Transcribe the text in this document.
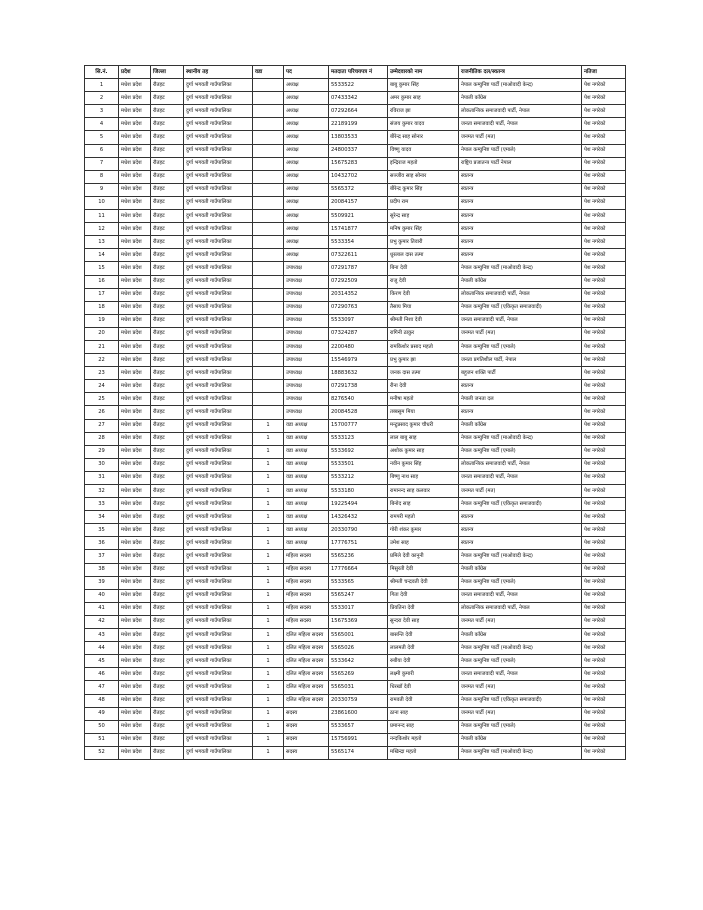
सि.नं.	प्रदेश	जिल्ला	स्थानीय तह	वडा	पद	मतदाता परिचयपत्र नं	उम्मेदवारको नाम	राजनीतिक दल/स्वतन्त्र	नतिजा
1	मधेश प्रदेश	रौतहट	दुर्गा भगवती गाउँपालिका		अध्यक्ष	5533522	बाबु कुमार सिंह	नेपाल कम्युनिष्ट पार्टी (माओवादी केन्द्र)	पेश नगरेको
2	मधेश प्रदेश	रौतहट	दुर्गा भगवती गाउँपालिका		अध्यक्ष	07433342	अमर कुमार साह	नेपाली काँग्रेस	पेश नगरेको
3	मधेश प्रदेश	रौतहट	दुर्गा भगवती गाउँपालिका		अध्यक्ष	07292664	रविराज झा	लोकतान्त्रिक समाजवादी पार्टी, नेपाल	पेश नगरेको
4	मधेश प्रदेश	रौतहट	दुर्गा भगवती गाउँपालिका		अध्यक्ष	22189199	संजय कुमार यादव	जनता समाजवादी पार्टी, नेपाल	पेश नगरेको
5	मधेश प्रदेश	रौतहट	दुर्गा भगवती गाउँपालिका		अध्यक्ष	13803533	बीरेन्द्र साह सोनार	जनमत पार्टी (मत)	पेश नगरेको
6	मधेश प्रदेश	रौतहट	दुर्गा भगवती गाउँपालिका		अध्यक्ष	24800337	विष्णु यादव	नेपाल कम्युनिष्ट पार्टी (एमाले)	पेश नगरेको
7	मधेश प्रदेश	रौतहट	दुर्गा भगवती गाउँपालिका		अध्यक्ष	15675283	इन्द्रिराज महतो	राष्ट्रिय प्रजातन्त्र पार्टी नेपाल	पेश नगरेको
8	मधेश प्रदेश	रौतहट	दुर्गा भगवती गाउँपालिका		अध्यक्ष	10432702	सञ्जीव साह सोनार	स्वतन्त्र	पेश नगरेको
9	मधेश प्रदेश	रौतहट	दुर्गा भगवती गाउँपालिका		अध्यक्ष	5565372	बीरेन्द्र कुमार सिंह	स्वतन्त्र	पेश नगरेको
10	मधेश प्रदेश	रौतहट	दुर्गा भगवती गाउँपालिका		अध्यक्ष	20084157	प्रदीप राम	स्वतन्त्र	पेश नगरेको
11	मधेश प्रदेश	रौतहट	दुर्गा भगवती गाउँपालिका		अध्यक्ष	5509921	सुरेन्द्र साह	स्वतन्त्र	पेश नगरेको
12	मधेश प्रदेश	रौतहट	दुर्गा भगवती गाउँपालिका		अध्यक्ष	15741877	मनिष कुमार सिंह	स्वतन्त्र	पेश नगरेको
13	मधेश प्रदेश	रौतहट	दुर्गा भगवती गाउँपालिका		अध्यक्ष	5533354	प्रभु कुमार तिवारी	स्वतन्त्र	पेश नगरेको
14	मधेश प्रदेश	रौतहट	दुर्गा भगवती गाउँपालिका		अध्यक्ष	07322611	धुरलाल दास तत्मा	स्वतन्त्र	पेश नगरेको
15	मधेश प्रदेश	रौतहट	दुर्गा भगवती गाउँपालिका		उपाध्यक्ष	07291787	बिना देवी	नेपाल कम्युनिष्ट पार्टी (माओवादी केन्द्र)	पेश नगरेको
16	मधेश प्रदेश	रौतहट	दुर्गा भगवती गाउँपालिका		उपाध्यक्ष	07292509	राजु देवी	नेपाली काँग्रेस	पेश नगरेको
17	मधेश प्रदेश	रौतहट	दुर्गा भगवती गाउँपालिका		उपाध्यक्ष	20314352	किरण देवी	लोकतान्त्रिक समाजवादी पार्टी, नेपाल	पेश नगरेको
18	मधेश प्रदेश	रौतहट	दुर्गा भगवती गाउँपालिका		उपाध्यक्ष	07290763	तैसाय मिया	नेपाल कम्युनिष्ट पार्टी (एकिकृत समाजवादी)	पेश नगरेको
19	मधेश प्रदेश	रौतहट	दुर्गा भगवती गाउँपालिका		उपाध्यक्ष	5533097	श्रीमती निशा देवी	जनता समाजवादी पार्टी, नेपाल	पेश नगरेको
20	मधेश प्रदेश	रौतहट	दुर्गा भगवती गाउँपालिका		उपाध्यक्ष	07324287	रागिनी ठाकुर	जनमत पार्टी (मत)	पेश नगरेको
21	मधेश प्रदेश	रौतहट	दुर्गा भगवती गाउँपालिका		उपाध्यक्ष	2200480	रामकिशोर प्रसाद महतो	नेपाल कम्युनिष्ट पार्टी (एमाले)	पेश नगरेको
22	मधेश प्रदेश	रौतहट	दुर्गा भगवती गाउँपालिका		उपाध्यक्ष	15546979	प्रभु कुमार झा	जनता प्रगतिशील पार्टी, नेपाल	पेश नगरेको
23	मधेश प्रदेश	रौतहट	दुर्गा भगवती गाउँपालिका		उपाध्यक्ष	18883632	जनक दास तत्मा	बहुजन शक्ति पार्टी	पेश नगरेको
24	मधेश प्रदेश	रौतहट	दुर्गा भगवती गाउँपालिका		उपाध्यक्ष	07291738	रीना देवी	स्वतन्त्र	पेश नगरेको
25	मधेश प्रदेश	रौतहट	दुर्गा भगवती गाउँपालिका		उपाध्यक्ष	8276540	मनीषा महतो	नेपाली जनता दल	पेश नगरेको
26	मधेश प्रदेश	रौतहट	दुर्गा भगवती गाउँपालिका		उपाध्यक्ष	20084528	तब्बसुम मिया	स्वतन्त्र	पेश नगरेको
27	मधेश प्रदेश	रौतहट	दुर्गा भगवती गाउँपालिका	1	वडा अध्यक्ष	15700777	मन्टुप्रसाद कुमार चौधरी	नेपाली काँग्रेस	पेश नगरेको
28	मधेश प्रदेश	रौतहट	दुर्गा भगवती गाउँपालिका	1	वडा अध्यक्ष	5533123	लाल बाबु साह	नेपाल कम्युनिष्ट पार्टी (माओवादी केन्द्र)	पेश नगरेको
29	मधेश प्रदेश	रौतहट	दुर्गा भगवती गाउँपालिका	1	वडा अध्यक्ष	5533692	अशोक कुमार साह	नेपाल कम्युनिष्ट पार्टी (एमाले)	पेश नगरेको
30	मधेश प्रदेश	रौतहट	दुर्गा भगवती गाउँपालिका	1	वडा अध्यक्ष	5533501	नवीन कुमार सिंह	लोकतान्त्रिक समाजवादी पार्टी, नेपाल	पेश नगरेको
31	मधेश प्रदेश	रौतहट	दुर्गा भगवती गाउँपालिका	1	वडा अध्यक्ष	5533212	बिष्णु नाथ साह	जनता समाजवादी पार्टी, नेपाल	पेश नगरेको
32	मधेश प्रदेश	रौतहट	दुर्गा भगवती गाउँपालिका	1	वडा अध्यक्ष	5533180	रामानन्द साह कलवार	जनमत पार्टी (मत)	पेश नगरेको
33	मधेश प्रदेश	रौतहट	दुर्गा भगवती गाउँपालिका	1	वडा अध्यक्ष	19225494	बिनोद साह	नेपाल कम्युनिष्ट पार्टी (एकिकृत समाजवादी)	पेश नगरेको
34	मधेश प्रदेश	रौतहट	दुर्गा भगवती गाउँपालिका	1	वडा अध्यक्ष	14326432	रामपरी महतो	स्वतन्त्र	पेश नगरेको
35	मधेश प्रदेश	रौतहट	दुर्गा भगवती गाउँपालिका	1	वडा अध्यक्ष	20330790	गोरी शंकर कुमार	स्वतन्त्र	पेश नगरेको
36	मधेश प्रदेश	रौतहट	दुर्गा भगवती गाउँपालिका	1	वडा अध्यक्ष	17776751	उमेश साह	स्वतन्त्र	पेश नगरेको
37	मधेश प्रदेश	रौतहट	दुर्गा भगवती गाउँपालिका	1	महिला सदस्य	5565236	प्रमिले देवी कानुनी	नेपाल कम्युनिष्ट पार्टी (माओवादी केन्द्र)	पेश नगरेको
38	मधेश प्रदेश	रौतहट	दुर्गा भगवती गाउँपालिका	1	महिला सदस्य	17776664	मिसुरती देवी	नेपाली काँग्रेस	पेश नगरेको
39	मधेश प्रदेश	रौतहट	दुर्गा भगवती गाउँपालिका	1	महिला सदस्य	5533565	श्रीमती चन्द्रवती देवी	नेपाल कम्युनिष्ट पार्टी (एमाले)	पेश नगरेको
40	मधेश प्रदेश	रौतहट	दुर्गा भगवती गाउँपालिका	1	महिला सदस्य	5565247	गिता देवी	जनता समाजवादी पार्टी, नेपाल	पेश नगरेको
41	मधेश प्रदेश	रौतहट	दुर्गा भगवती गाउँपालिका	1	महिला सदस्य	5533017	प्रियतिना देवी	लोकतान्त्रिक समाजवादी पार्टी, नेपाल	पेश नगरेको
42	मधेश प्रदेश	रौतहट	दुर्गा भगवती गाउँपालिका	1	महिला सदस्य	15675369	सुन्दरा देवी साह	जनमत पार्टी (मत)	पेश नगरेको
43	मधेश प्रदेश	रौतहट	दुर्गा भगवती गाउँपालिका	1	दलित महिला सदस्य	5565001	बासन्ति देवी	नेपाली काँग्रेस	पेश नगरेको
44	मधेश प्रदेश	रौतहट	दुर्गा भगवती गाउँपालिका	1	दलित महिला सदस्य	5565026	लालमती देवी	नेपाल कम्युनिष्ट पार्टी (माओवादी केन्द्र)	पेश नगरेको
45	मधेश प्रदेश	रौतहट	दुर्गा भगवती गाउँपालिका	1	दलित महिला सदस्य	5533642	रुबीया देवी	नेपाल कम्युनिष्ट पार्टी (एमाले)	पेश नगरेको
46	मधेश प्रदेश	रौतहट	दुर्गा भगवती गाउँपालिका	1	दलित महिला सदस्य	5565269	लक्ष्मी कुमारी	जनता समाजवादी पार्टी, नेपाल	पेश नगरेको
47	मधेश प्रदेश	रौतहट	दुर्गा भगवती गाउँपालिका	1	दलित महिला सदस्य	5565031	धिरखाँ देवी	जनमत पार्टी (मत)	पेश नगरेको
48	मधेश प्रदेश	रौतहट	दुर्गा भगवती गाउँपालिका	1	दलित महिला सदस्य	20330759	रामवती देवी	नेपाल कम्युनिष्ट पार्टी (एकिकृत समाजवादी)	पेश नगरेको
49	मधेश प्रदेश	रौतहट	दुर्गा भगवती गाउँपालिका	1	सदस्य	23861600	ठाना साह	जनमत पार्टी (मत)	पेश नगरेको
50	मधेश प्रदेश	रौतहट	दुर्गा भगवती गाउँपालिका	1	सदस्य	5533657	प्रमानन्द साह	नेपाल कम्युनिष्ट पार्टी (एमाले)	पेश नगरेको
51	मधेश प्रदेश	रौतहट	दुर्गा भगवती गाउँपालिका	1	सदस्य	15756991	नन्दकिशोर महतो	नेपाली काँग्रेस	पेश नगरेको
52	मधेश प्रदेश	रौतहट	दुर्गा भगवती गाउँपालिका	1	सदस्य	5565174	मखिन्द्रा महतो	नेपाल कम्युनिष्ट पार्टी (माओवादी केन्द्र)	पेश नगरेको
